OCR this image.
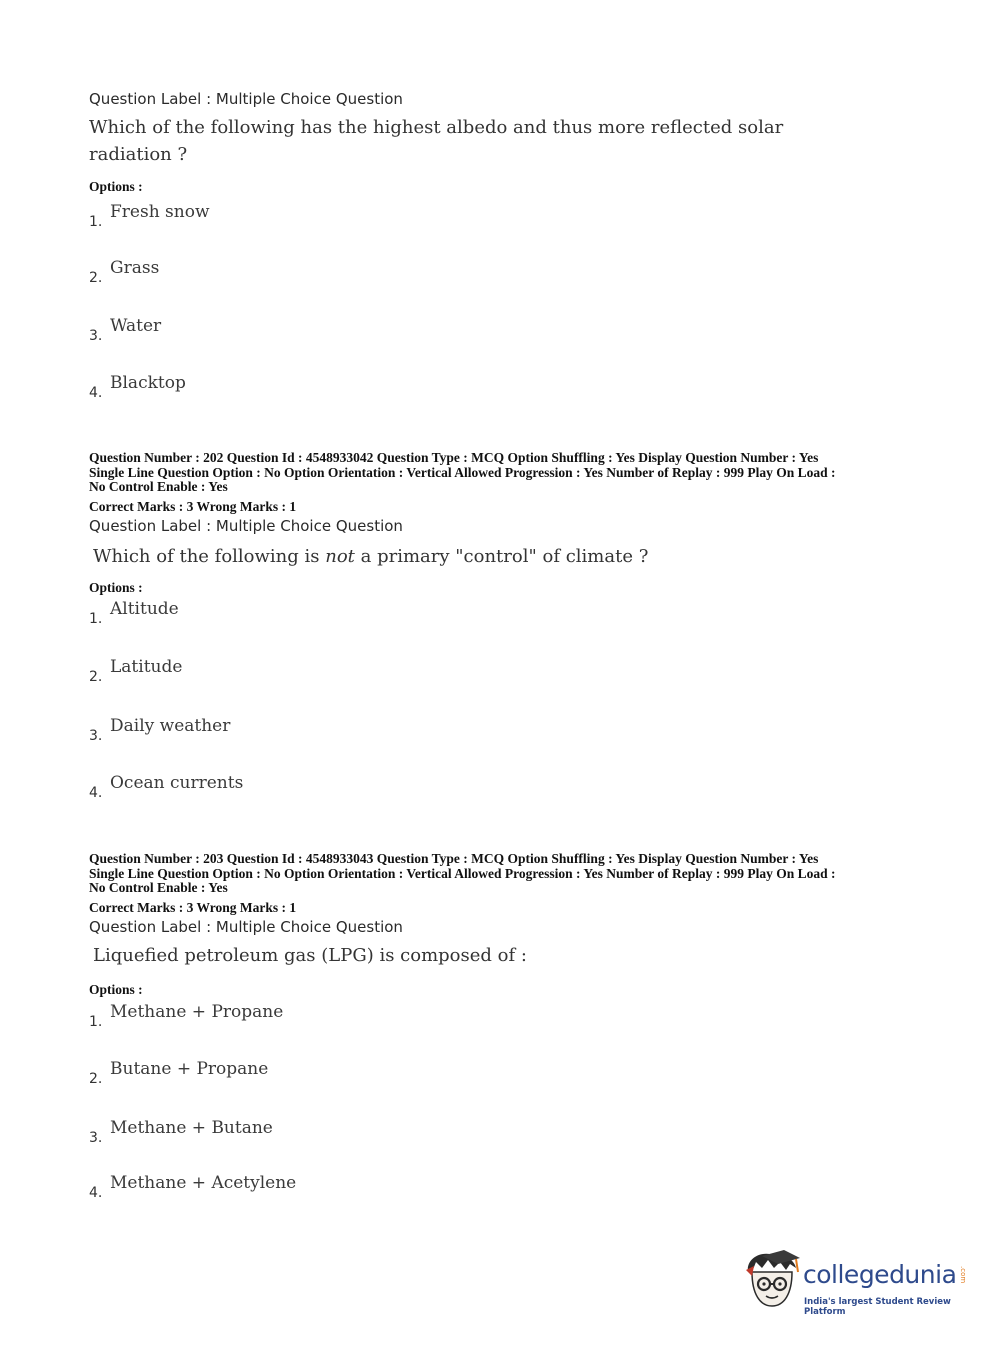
Question Label : Multiple Choice Question
Which of the following has the highest albedo and thus more reflected solar
radiation ?
Options :
1. Fresh snow
2. Grass
3. Water
4. Blacktop
Question Number : 202 Question Id : 4548933042 Question Type : MCQ Option Shuffling : Yes Display Question Number : Yes
Single Line Question Option : No Option Orientation : Vertical Allowed Progression : Yes Number of Replay : 999 Play On Load :
No Control Enable : Yes
Correct Marks : 3 Wrong Marks : 1
Question Label : Multiple Choice Question
Which of the following is not a primary "control" of climate ?
Options :
1. Altitude
2. Latitude
3. Daily weather
4. Ocean currents
Question Number : 203 Question Id : 4548933043 Question Type : MCQ Option Shuffling : Yes Display Question Number : Yes
Single Line Question Option : No Option Orientation : Vertical Allowed Progression : Yes Number of Replay : 999 Play On Load :
No Control Enable : Yes
Correct Marks : 3 Wrong Marks : 1
Question Label : Multiple Choice Question
Liquefied petroleum gas (LPG) is composed of :
Options :
1. Methane + Propane
2. Butane + Propane
3. Methane + Butane
4. Methane + Acetylene
collegedunia .com
India's largest Student Review Platform
